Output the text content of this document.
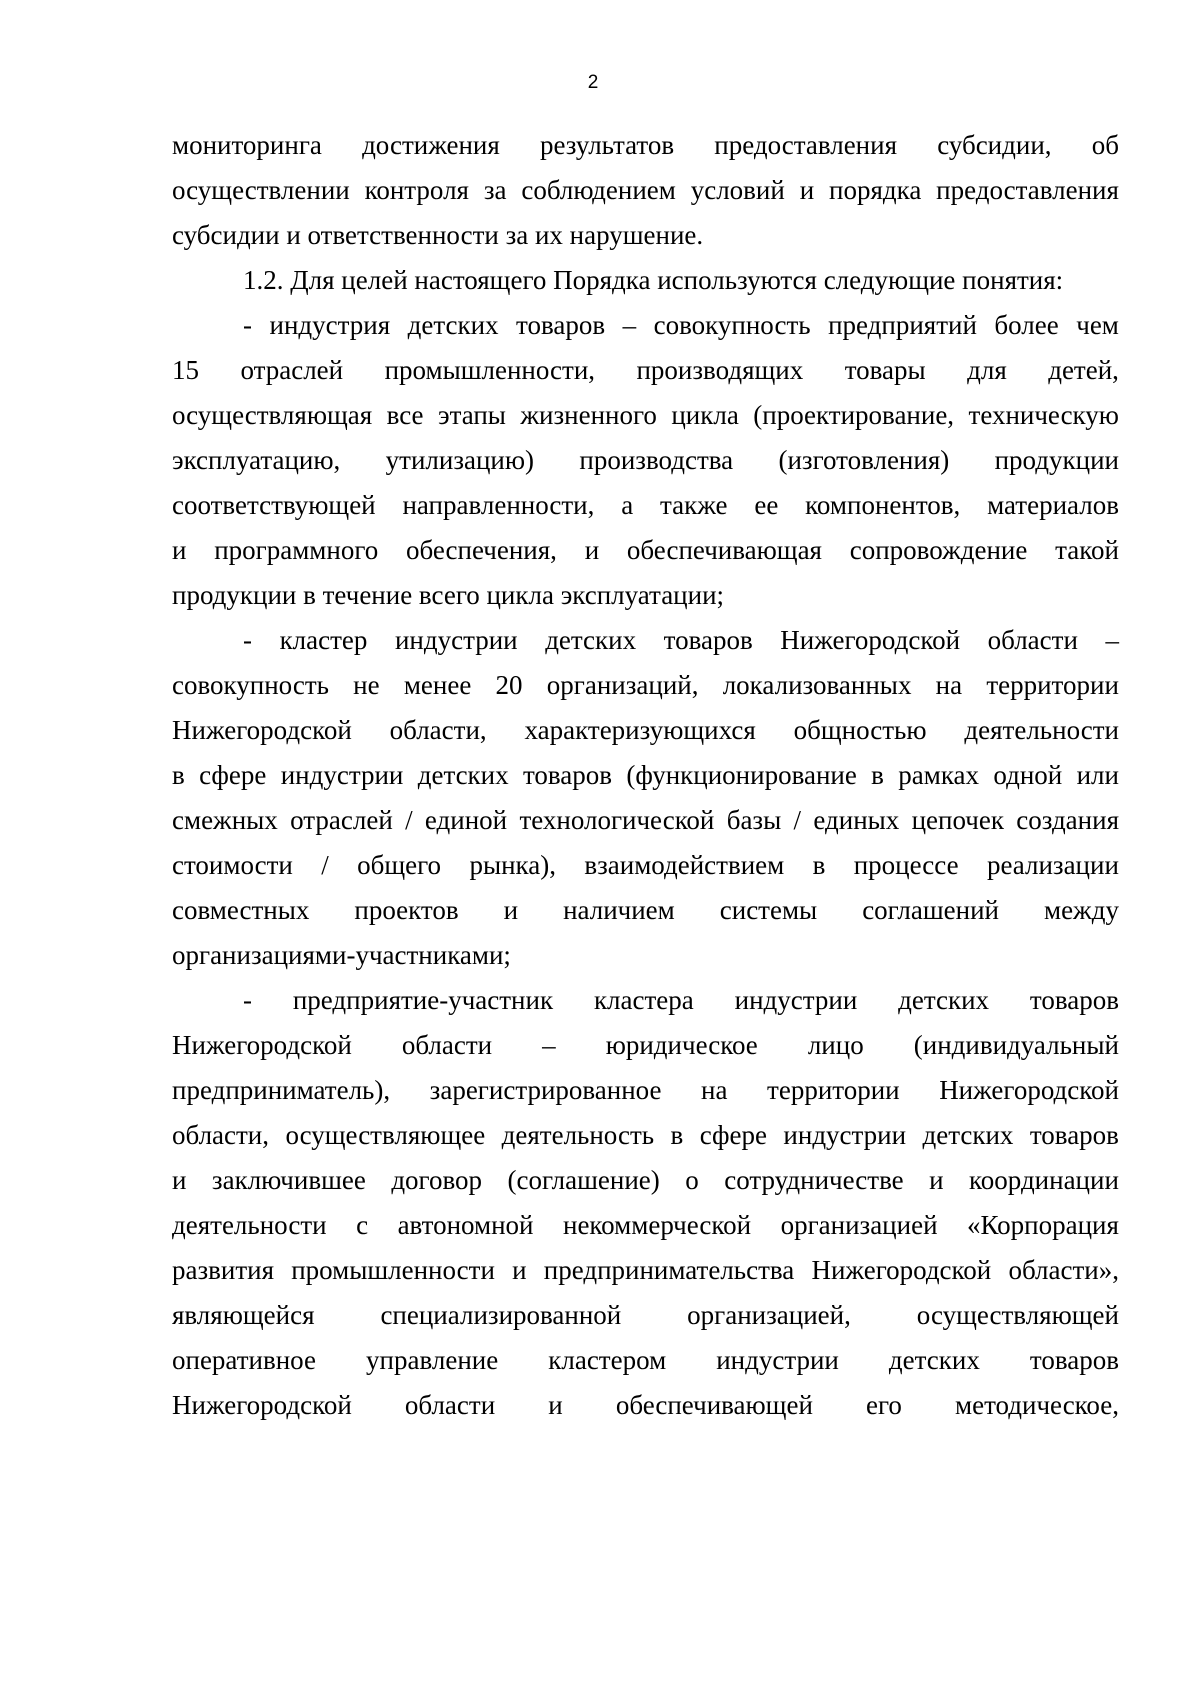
2
мониторинга достижения результатов предоставления субсидии, об
осуществлении контроля за соблюдением условий и порядка предоставления
субсидии и ответственности за их нарушение.
1.2. Для целей настоящего Порядка используются следующие понятия:
- индустрия детских товаров – совокупность предприятий более чем
15 отраслей промышленности, производящих товары для детей,
осуществляющая все этапы жизненного цикла (проектирование, техническую
эксплуатацию, утилизацию) производства (изготовления) продукции
соответствующей направленности, а также ее компонентов, материалов
и программного обеспечения, и обеспечивающая сопровождение такой
продукции в течение всего цикла эксплуатации;
- кластер индустрии детских товаров Нижегородской области –
совокупность не менее 20 организаций, локализованных на территории
Нижегородской области, характеризующихся общностью деятельности
в сфере индустрии детских товаров (функционирование в рамках одной или
смежных отраслей / единой технологической базы / единых цепочек создания
стоимости / общего рынка), взаимодействием в процессе реализации
совместных проектов и наличием системы соглашений между
организациями-участниками;
- предприятие-участник кластера индустрии детских товаров
Нижегородской области – юридическое лицо (индивидуальный
предприниматель), зарегистрированное на территории Нижегородской
области, осуществляющее деятельность в сфере индустрии детских товаров
и заключившее договор (соглашение) о сотрудничестве и координации
деятельности с автономной некоммерческой организацией «Корпорация
развития промышленности и предпринимательства Нижегородской области»,
являющейся специализированной организацией, осуществляющей
оперативное управление кластером индустрии детских товаров
Нижегородской области и обеспечивающей его методическое,
